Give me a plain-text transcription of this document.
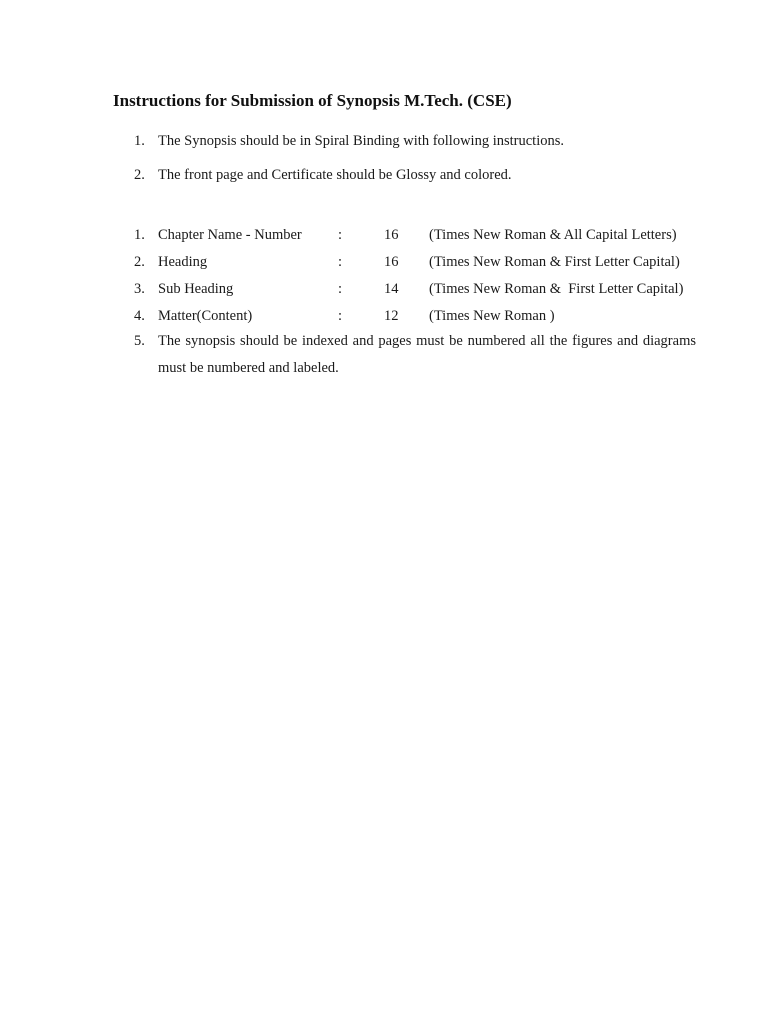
Instructions for Submission of Synopsis M.Tech. (CSE)
1. The Synopsis should be in Spiral Binding with following instructions.
2. The front page and Certificate should be Glossy and colored.
1. Chapter Name - Number	:	16 (Times New Roman & All Capital Letters)
2. Heading	:	16 (Times New Roman & First Letter Capital)
3. Sub Heading	:	14 (Times New Roman &  First Letter Capital)
4. Matter(Content)	:	12 (Times New Roman )
5. The synopsis should be indexed and pages must be numbered all the figures and diagrams must be numbered and labeled.
